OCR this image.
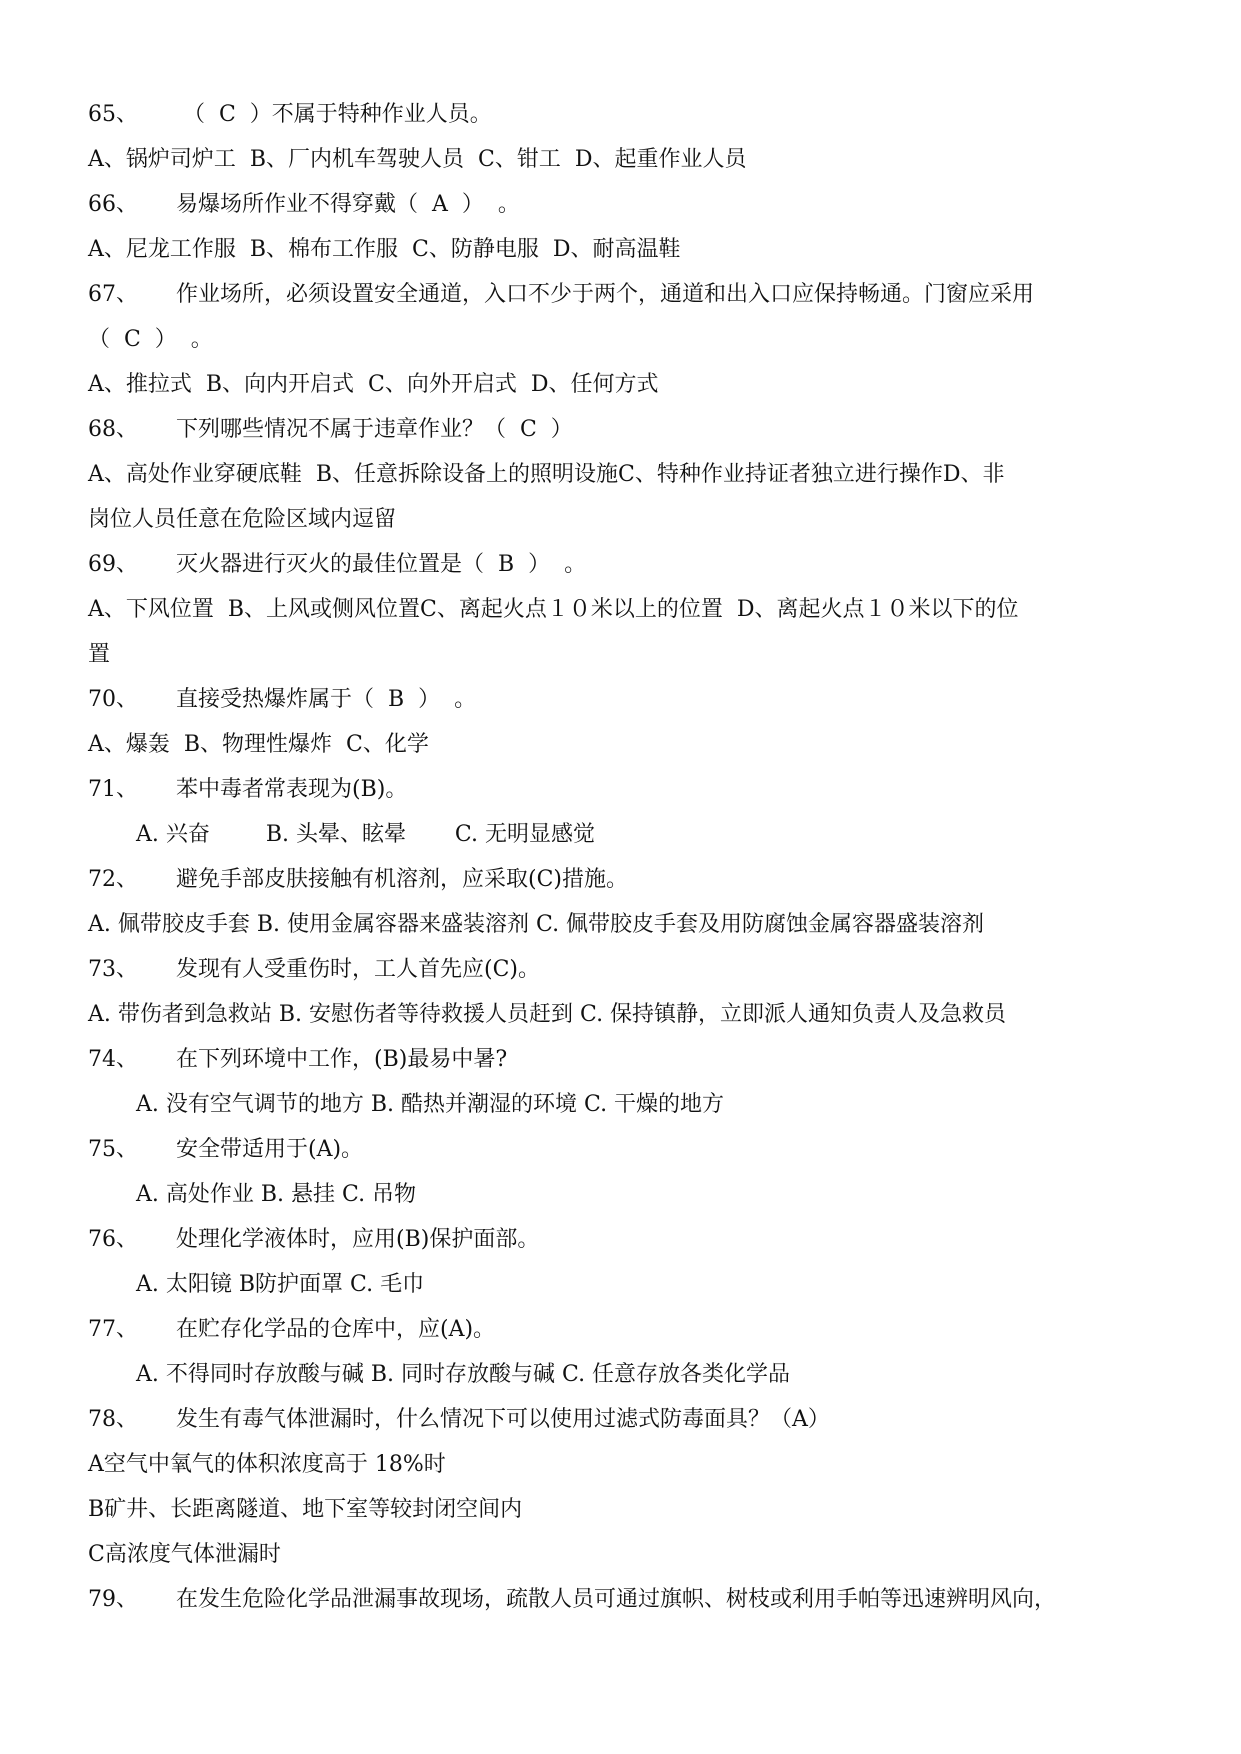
65、	（  C  ）不属于特种作业人员。
A、锅炉司炉工  B、厂内机车驾驶人员  C、钳工  D、起重作业人员
66、	易爆场所作业不得穿戴（  A  ）  。
A、尼龙工作服  B、棉布工作服  C、防静电服  D、耐高温鞋
67、	作业场所，必须设置安全通道，入口不少于两个，通道和出入口应保持畅通。门窗应采用
（  C  ）  。
A、推拉式  B、向内开启式  C、向外开启式  D、任何方式
68、	下列哪些情况不属于违章作业？（  C  ）
A、高处作业穿硬底鞋  B、任意拆除设备上的照明设施C、特种作业持证者独立进行操作D、非
岗位人员任意在危险区域内逗留
69、	灭火器进行灭火的最佳位置是（  B  ）  。
A、下风位置  B、上风或侧风位置C、离起火点１０米以上的位置  D、离起火点１０米以下的位
置
70、	直接受热爆炸属于（  B  ）  。
A、爆轰  B、物理性爆炸  C、化学
71、	苯中毒者常表现为(B)。
A. 兴奋        B. 头晕、眩晕       C. 无明显感觉
72、	避免手部皮肤接触有机溶剂，应采取(C)措施。
A. 佩带胶皮手套 B. 使用金属容器来盛装溶剂 C. 佩带胶皮手套及用防腐蚀金属容器盛装溶剂
73、	发现有人受重伤时，工人首先应(C)。
A. 带伤者到急救站 B. 安慰伤者等待救援人员赶到 C. 保持镇静，立即派人通知负责人及急救员
74、	在下列环境中工作，(B)最易中暑?
A. 没有空气调节的地方 B. 酷热并潮湿的环境 C. 干燥的地方
75、	安全带适用于(A)。
A. 高处作业 B. 悬挂 C. 吊物
76、	处理化学液体时，应用(B)保护面部。
A. 太阳镜 B防护面罩 C. 毛巾
77、	在贮存化学品的仓库中，应(A)。
A. 不得同时存放酸与碱 B. 同时存放酸与碱 C. 任意存放各类化学品
78、	发生有毒气体泄漏时，什么情况下可以使用过滤式防毒面具？（A）
A空气中氧气的体积浓度高于 18%时
B矿井、长距离隧道、地下室等较封闭空间内
C高浓度气体泄漏时
79、	在发生危险化学品泄漏事故现场，疏散人员可通过旗帜、树枝或利用手帕等迅速辨明风向，
